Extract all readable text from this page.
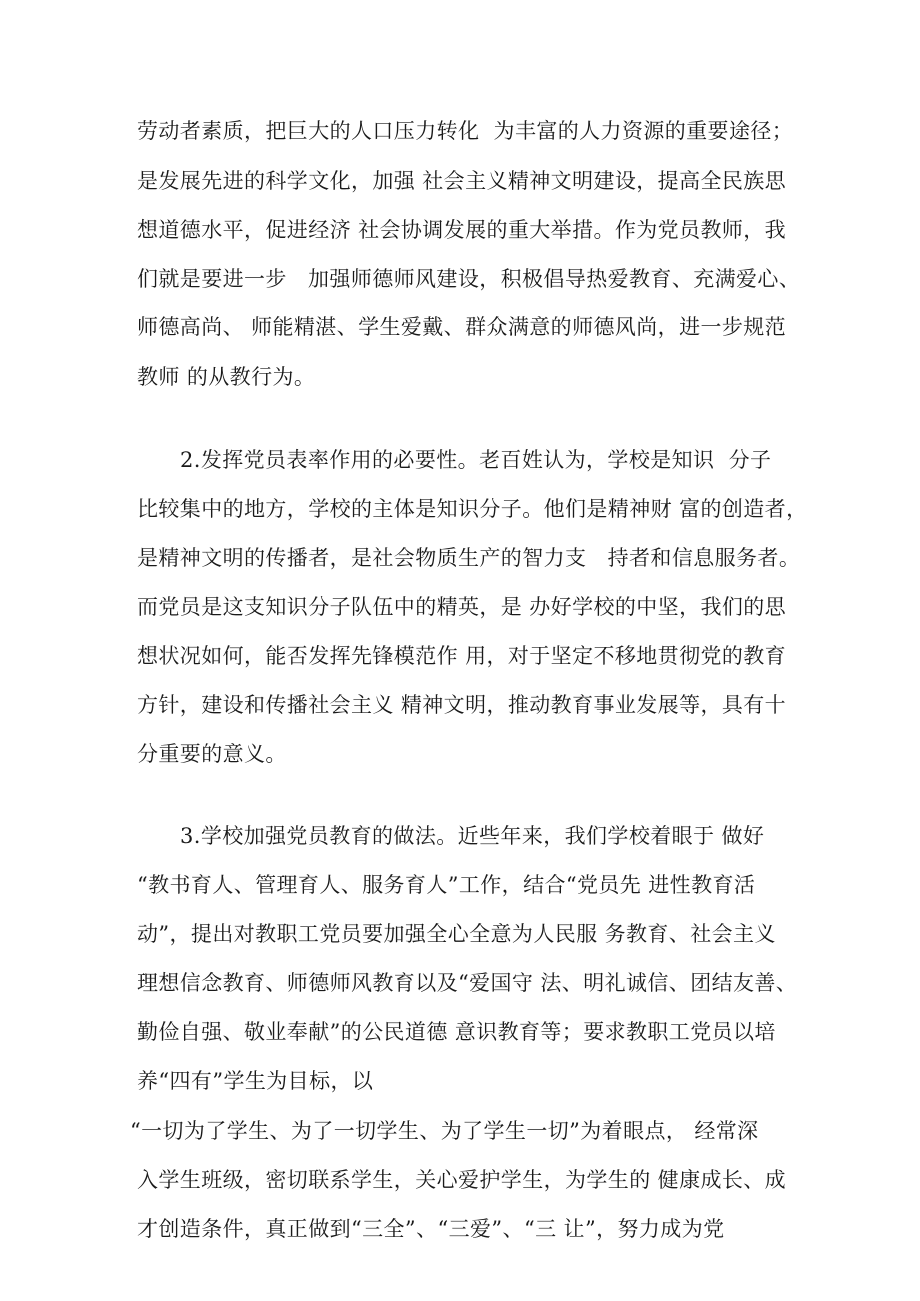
劳动者素质，把巨大的人口压力转化  为丰富的人力资源的重要途径；
是发展先进的科学文化，加强 社会主义精神文明建设，提高全民族思
想道德水平，促进经济 社会协调发展的重大举措。作为党员教师，我
们就是要进一步   加强师德师风建设，积极倡导热爱教育、充满爱心、
师德高尚、 师能精湛、学生爱戴、群众满意的师德风尚，进一步规范
教师 的从教行为。
2.发挥党员表率作用的必要性。老百姓认为，学校是知识  分子
比较集中的地方，学校的主体是知识分子。他们是精神财 富的创造者，
是精神文明的传播者，是社会物质生产的智力支   持者和信息服务者。
而党员是这支知识分子队伍中的精英，是 办好学校的中坚，我们的思
想状况如何，能否发挥先锋模范作 用，对于坚定不移地贯彻党的教育
方针，建设和传播社会主义 精神文明，推动教育事业发展等，具有十
分重要的意义。
3.学校加强党员教育的做法。近些年来，我们学校着眼于 做好
“教书育人、管理育人、服务育人”工作，结合“党员先 进性教育活
动”，提出对教职工党员要加强全心全意为人民服 务教育、社会主义
理想信念教育、师德师风教育以及“爱国守 法、明礼诚信、团结友善、
勤俭自强、敬业奉献”的公民道德 意识教育等；要求教职工党员以培
养“四有”学生为目标，以
“一切为了学生、为了一切学生、为了学生一切”为着眼点， 经常深
入学生班级，密切联系学生，关心爱护学生，为学生的 健康成长、成
才创造条件，真正做到“三全”、“三爱”、“三 让”，努力成为党
